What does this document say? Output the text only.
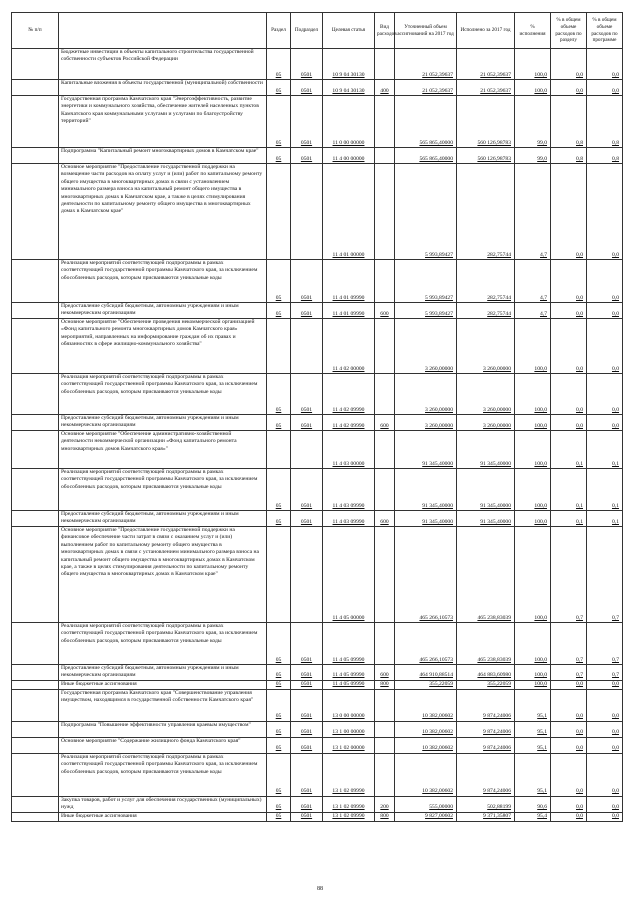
№ п/п		Раздел	Подраздел	Целевая статья	Вид расходов	Уточненный объем ассигнований на 2017 год	Исполнено за 2017 год	% исполнения	% в общем объеме расходов по разделу	% в общем объеме расходов по программе
	Бюджетные инвестиции в объекты капитального строительства государственной собственности субъектов Российской Федерации	05	0501	10 9 04 30130		21 052,39637	21 052,39637	100,0	0,0	0,0
	Капитальные вложения в объекты государственной (муниципальной) собственности	05	0501	10 9 04 30130	400	21 052,39637	21 052,39637	100,0	0,0	0,0
	Государственная программа Камчатского края "Энергоэффективность, развитие энергетики и коммунального хозяйства, обеспечение жителей населенных пунктов Камчатского края коммунальными услугами и услугами по благоустройству территорий"	05	0501	11 0 00 00000		565 865,40000	560 126,98783	99,0	0,8	0,8
	Подпрограмма "Капитальный ремонт многоквартирных домов в Камчатском крае"	05	0501	11 4 00 00000		565 865,40000	560 126,98783	99,0	0,8	0,8
	Основное мероприятие "Предоставление государственной поддержки на возмещение части расходов на оплату услуг и (или) работ по капитальному ремонту общего имущества в многоквартирных домах в связи с установлением минимального размера взноса на капитальный ремонт общего имущества в многоквартирных домах в Камчатском крае, а также в целях стимулирования деятельности по капитальному ремонту общего имущества в многоквартирных домах в Камчатском крае"			11 4 01 00000		5 993,89427	282,75744	4,7	0,0	0,0
	Реализация мероприятий соответствующей подпрограммы в рамках соответствующей государственной программы Камчатского края, за исключением обособленных расходов, которым присваиваются уникальные коды	05	0501	11 4 01 09990		5 993,89427	282,75744	4,7	0,0	0,0
	Предоставление субсидий бюджетным, автономным учреждениям и иным некоммерческим организациям	05	0501	11 4 01 09990	600	5 993,89427	282,75744	4,7	0,0	0,0
	Основное мероприятие "Обеспечение проведения некоммерческой организацией «Фонд капитального ремонта многоквартирных домов Камчатского края» мероприятий, направленных на информирование граждан об их правах и обязанностях в сфере жилищно-коммунального хозяйства"			11 4 02 00000		3 260,00000	3 260,00000	100,0	0,0	0,0
	Реализация мероприятий соответствующей подпрограммы в рамках соответствующей государственной программы Камчатского края, за исключением обособленных расходов, которым присваиваются уникальные коды	05	0501	11 4 02 09990		3 260,00000	3 260,00000	100,0	0,0	0,0
	Предоставление субсидий бюджетным, автономным учреждениям и иным некоммерческим организациям	05	0501	11 4 02 09990	600	3 260,00000	3 260,00000	100,0	0,0	0,0
	Основное мероприятие "Обеспечение административно-хозяйственной деятельности некоммерческой организации «Фонд капитального ремонта многоквартирных домов Камчатского края»"			11 4 03 00000		91 345,40000	91 345,40000	100,0	0,1	0,1
	Реализация мероприятий соответствующей подпрограммы в рамках соответствующей государственной программы Камчатского края, за исключением обособленных расходов, которым присваиваются уникальные коды	05	0501	11 4 03 09990		91 345,40000	91 345,40000	100,0	0,1	0,1
	Предоставление субсидий бюджетным, автономным учреждениям и иным некоммерческим организациям	05	0501	11 4 03 09990	600	91 345,40000	91 345,40000	100,0	0,1	0,1
	Основное мероприятие "Предоставление государственной поддержки на финансовое обеспечение части затрат в связи с оказанием услуг и (или) выполнением работ по капитальному ремонту общего имущества в многоквартирных домах в связи с установлением минимального размера взноса на капитальный ремонт общего имущества в многоквартирных домах в Камчатском крае, а также в целях стимулирования деятельности по капитальному ремонту общего имущества в многоквартирных домах в Камчатском крае"			11 4 05 00000		465 266,10573	465 238,83039	100,0	0,7	0,7
	Реализация мероприятий соответствующей подпрограммы в рамках соответствующей государственной программы Камчатского края, за исключением обособленных расходов, которым присваиваются уникальные коды	05	0501	11 4 05 09990		465 266,10573	465 238,83039	100,0	0,7	0,7
	Предоставление субсидий бюджетным, автономным учреждениям и иным некоммерческим организациям	05	0501	11 4 05 09990	600	464 910,88514	464 883,60980	100,0	0,7	0,7
	Иные бюджетные ассигнования	05	0501	11 4 05 09990	800	355,22059	355,22059	100,0	0,0	0,0
	Государственная программа Камчатского края "Совершенствование управления имуществом, находящимся в государственной собственности Камчатского края"	05	0501	13 0 00 00000		10 382,00602	9 874,24006	95,1	0,0	0,0
	Подпрограмма "Повышение эффективности управления краевым имуществом"	05	0501	13 1 00 00000		10 382,00602	9 874,24006	95,1	0,0	0,0
	Основное мероприятие "Содержание жилищного фонда Камчатского края"	05	0501	13 1 02 00000		10 382,00602	9 874,24006	95,1	0,0	0,0
	Реализация мероприятий соответствующей подпрограммы в рамках соответствующей государственной программы Камчатского края, за исключением обособленных расходов, которым присваиваются уникальные коды	05	0501	13 1 02 09990		10 382,00602	9 874,24006	95,1	0,0	0,0
	Закупка товаров, работ и услуг для обеспечения государственных (муниципальных) нужд	05	0501	13 1 02 09990	200	555,00000	502,88199	90,6	0,0	0,0
	Иные бюджетные ассигнования	05	0501	13 1 02 09990	800	9 827,00602	9 371,35807	95,4	0,0	0,0
88
